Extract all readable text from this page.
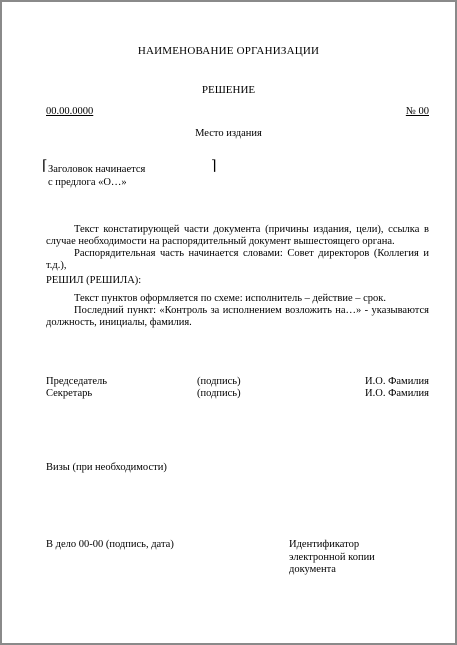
НАИМЕНОВАНИЕ ОРГАНИЗАЦИИ
РЕШЕНИЕ
00.00.0000	№ 00
Место издания
⌈ Заголовок начинается	⌉
с предлога «О…»
Текст констатирующей части документа (причины издания, цели), ссылка в случае необходимости на распорядительный документ вышестоящего органа.
Распорядительная часть начинается словами: Совет директоров (Коллегия и т.д.),
РЕШИЛ (РЕШИЛА):
Текст пунктов оформляется по схеме: исполнитель – действие – срок.
Последний пункт: «Контроль за исполнением возложить на…» - указываются должность, инициалы, фамилия.
Председатель	(подпись)	И.О. Фамилия
Секретарь	(подпись)	И.О. Фамилия
Визы (при необходимости)
В дело 00-00 (подпись, дата)	Идентификатор
электронной копии
документа
